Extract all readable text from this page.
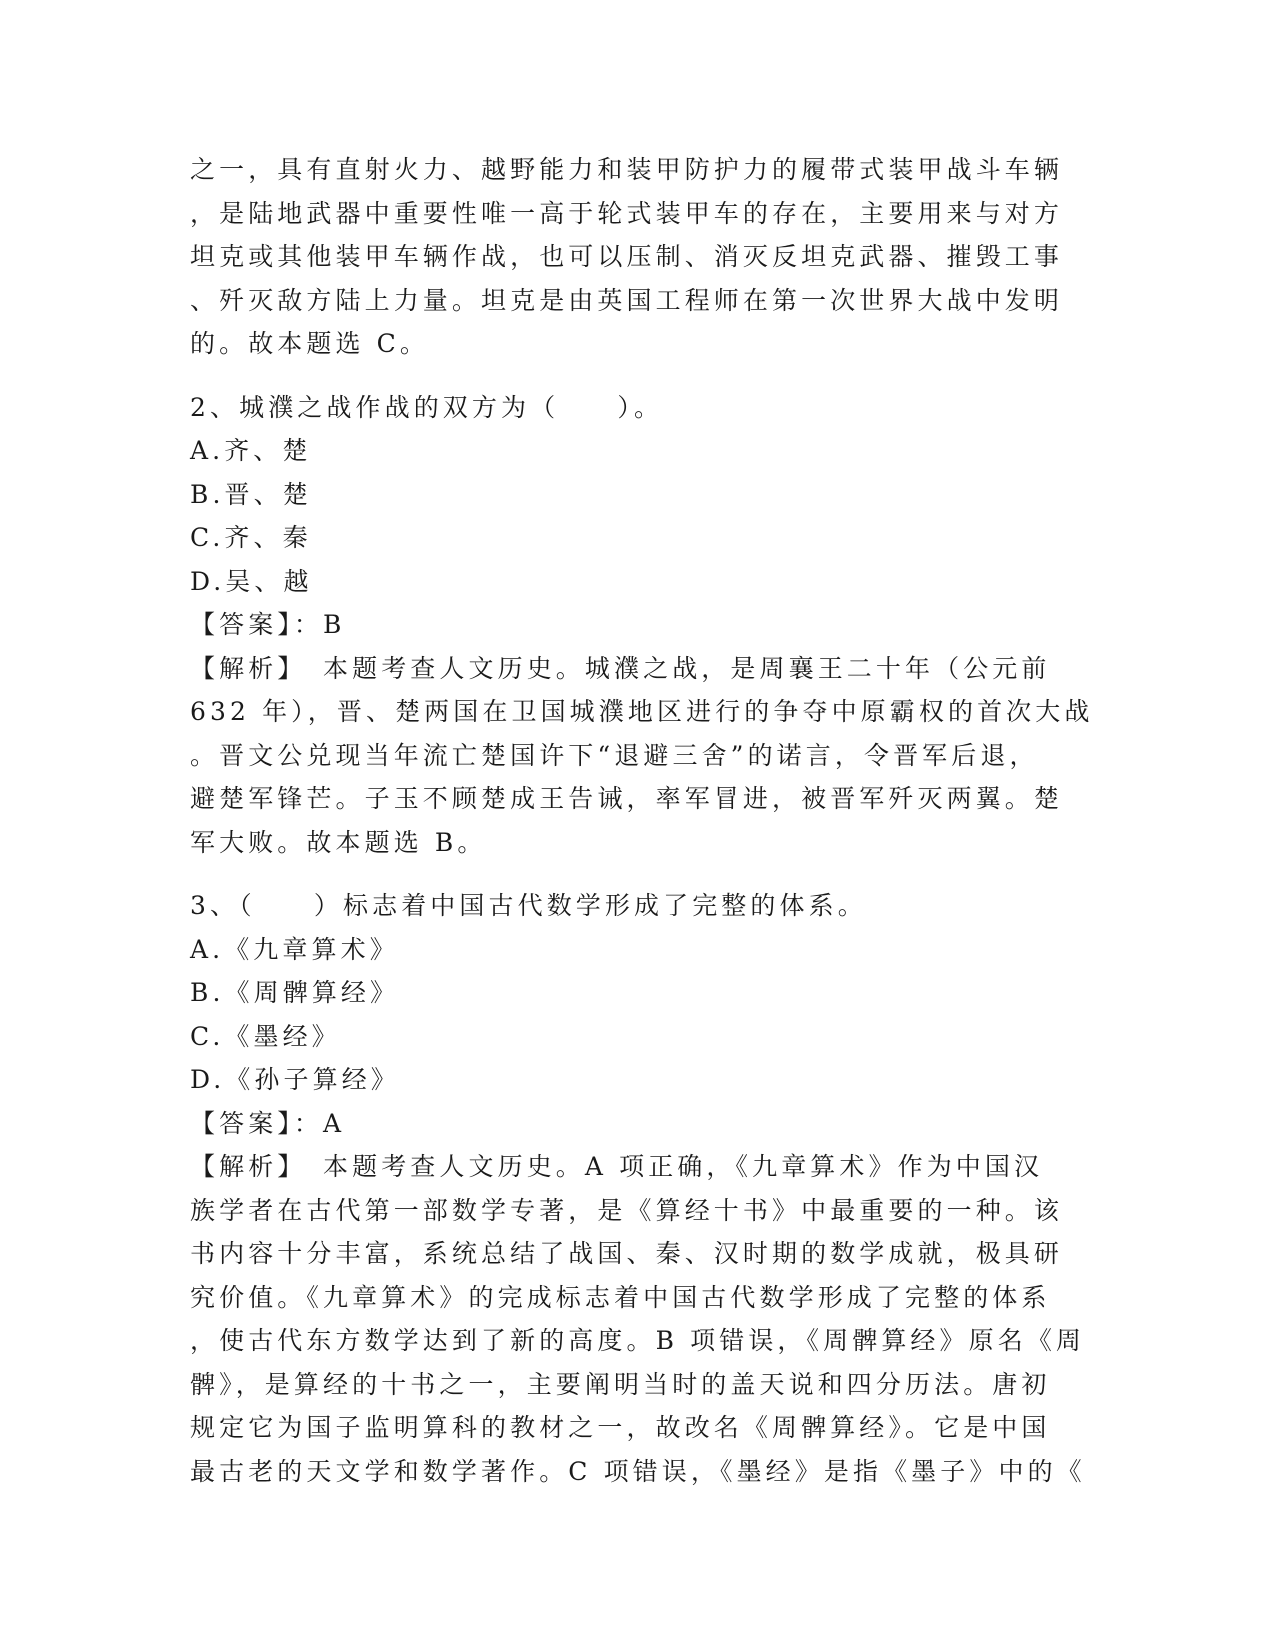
之一，具有直射火力、越野能力和装甲防护力的履带式装甲战斗车辆
，是陆地武器中重要性唯一高于轮式装甲车的存在，主要用来与对方
坦克或其他装甲车辆作战，也可以压制、消灭反坦克武器、摧毁工事
、歼灭敌方陆上力量。坦克是由英国工程师在第一次世界大战中发明
的。故本题选 C。
2、城濮之战作战的双方为（　　）。
A.齐、楚
B.晋、楚
C.齐、秦
D.吴、越
【答案】：B
【解析】　本题考查人文历史。城濮之战，是周襄王二十年（公元前
632 年），晋、楚两国在卫国城濮地区进行的争夺中原霸权的首次大战
。晋文公兑现当年流亡楚国许下“退避三舍”的诺言，令晋军后退，
避楚军锋芒。子玉不顾楚成王告诫，率军冒进，被晋军歼灭两翼。楚
军大败。故本题选 B。
3、（　　）标志着中国古代数学形成了完整的体系。
A.《九章算术》
B.《周髀算经》
C.《墨经》
D.《孙子算经》
【答案】：A
【解析】　本题考查人文历史。A 项正确，《九章算术》作为中国汉
族学者在古代第一部数学专著，是《算经十书》中最重要的一种。该
书内容十分丰富，系统总结了战国、秦、汉时期的数学成就，极具研
究价值。《九章算术》的完成标志着中国古代数学形成了完整的体系
，使古代东方数学达到了新的高度。B 项错误，《周髀算经》原名《周
髀》，是算经的十书之一，主要阐明当时的盖天说和四分历法。唐初
规定它为国子监明算科的教材之一，故改名《周髀算经》。它是中国
最古老的天文学和数学著作。C 项错误，《墨经》是指《墨子》中的《
